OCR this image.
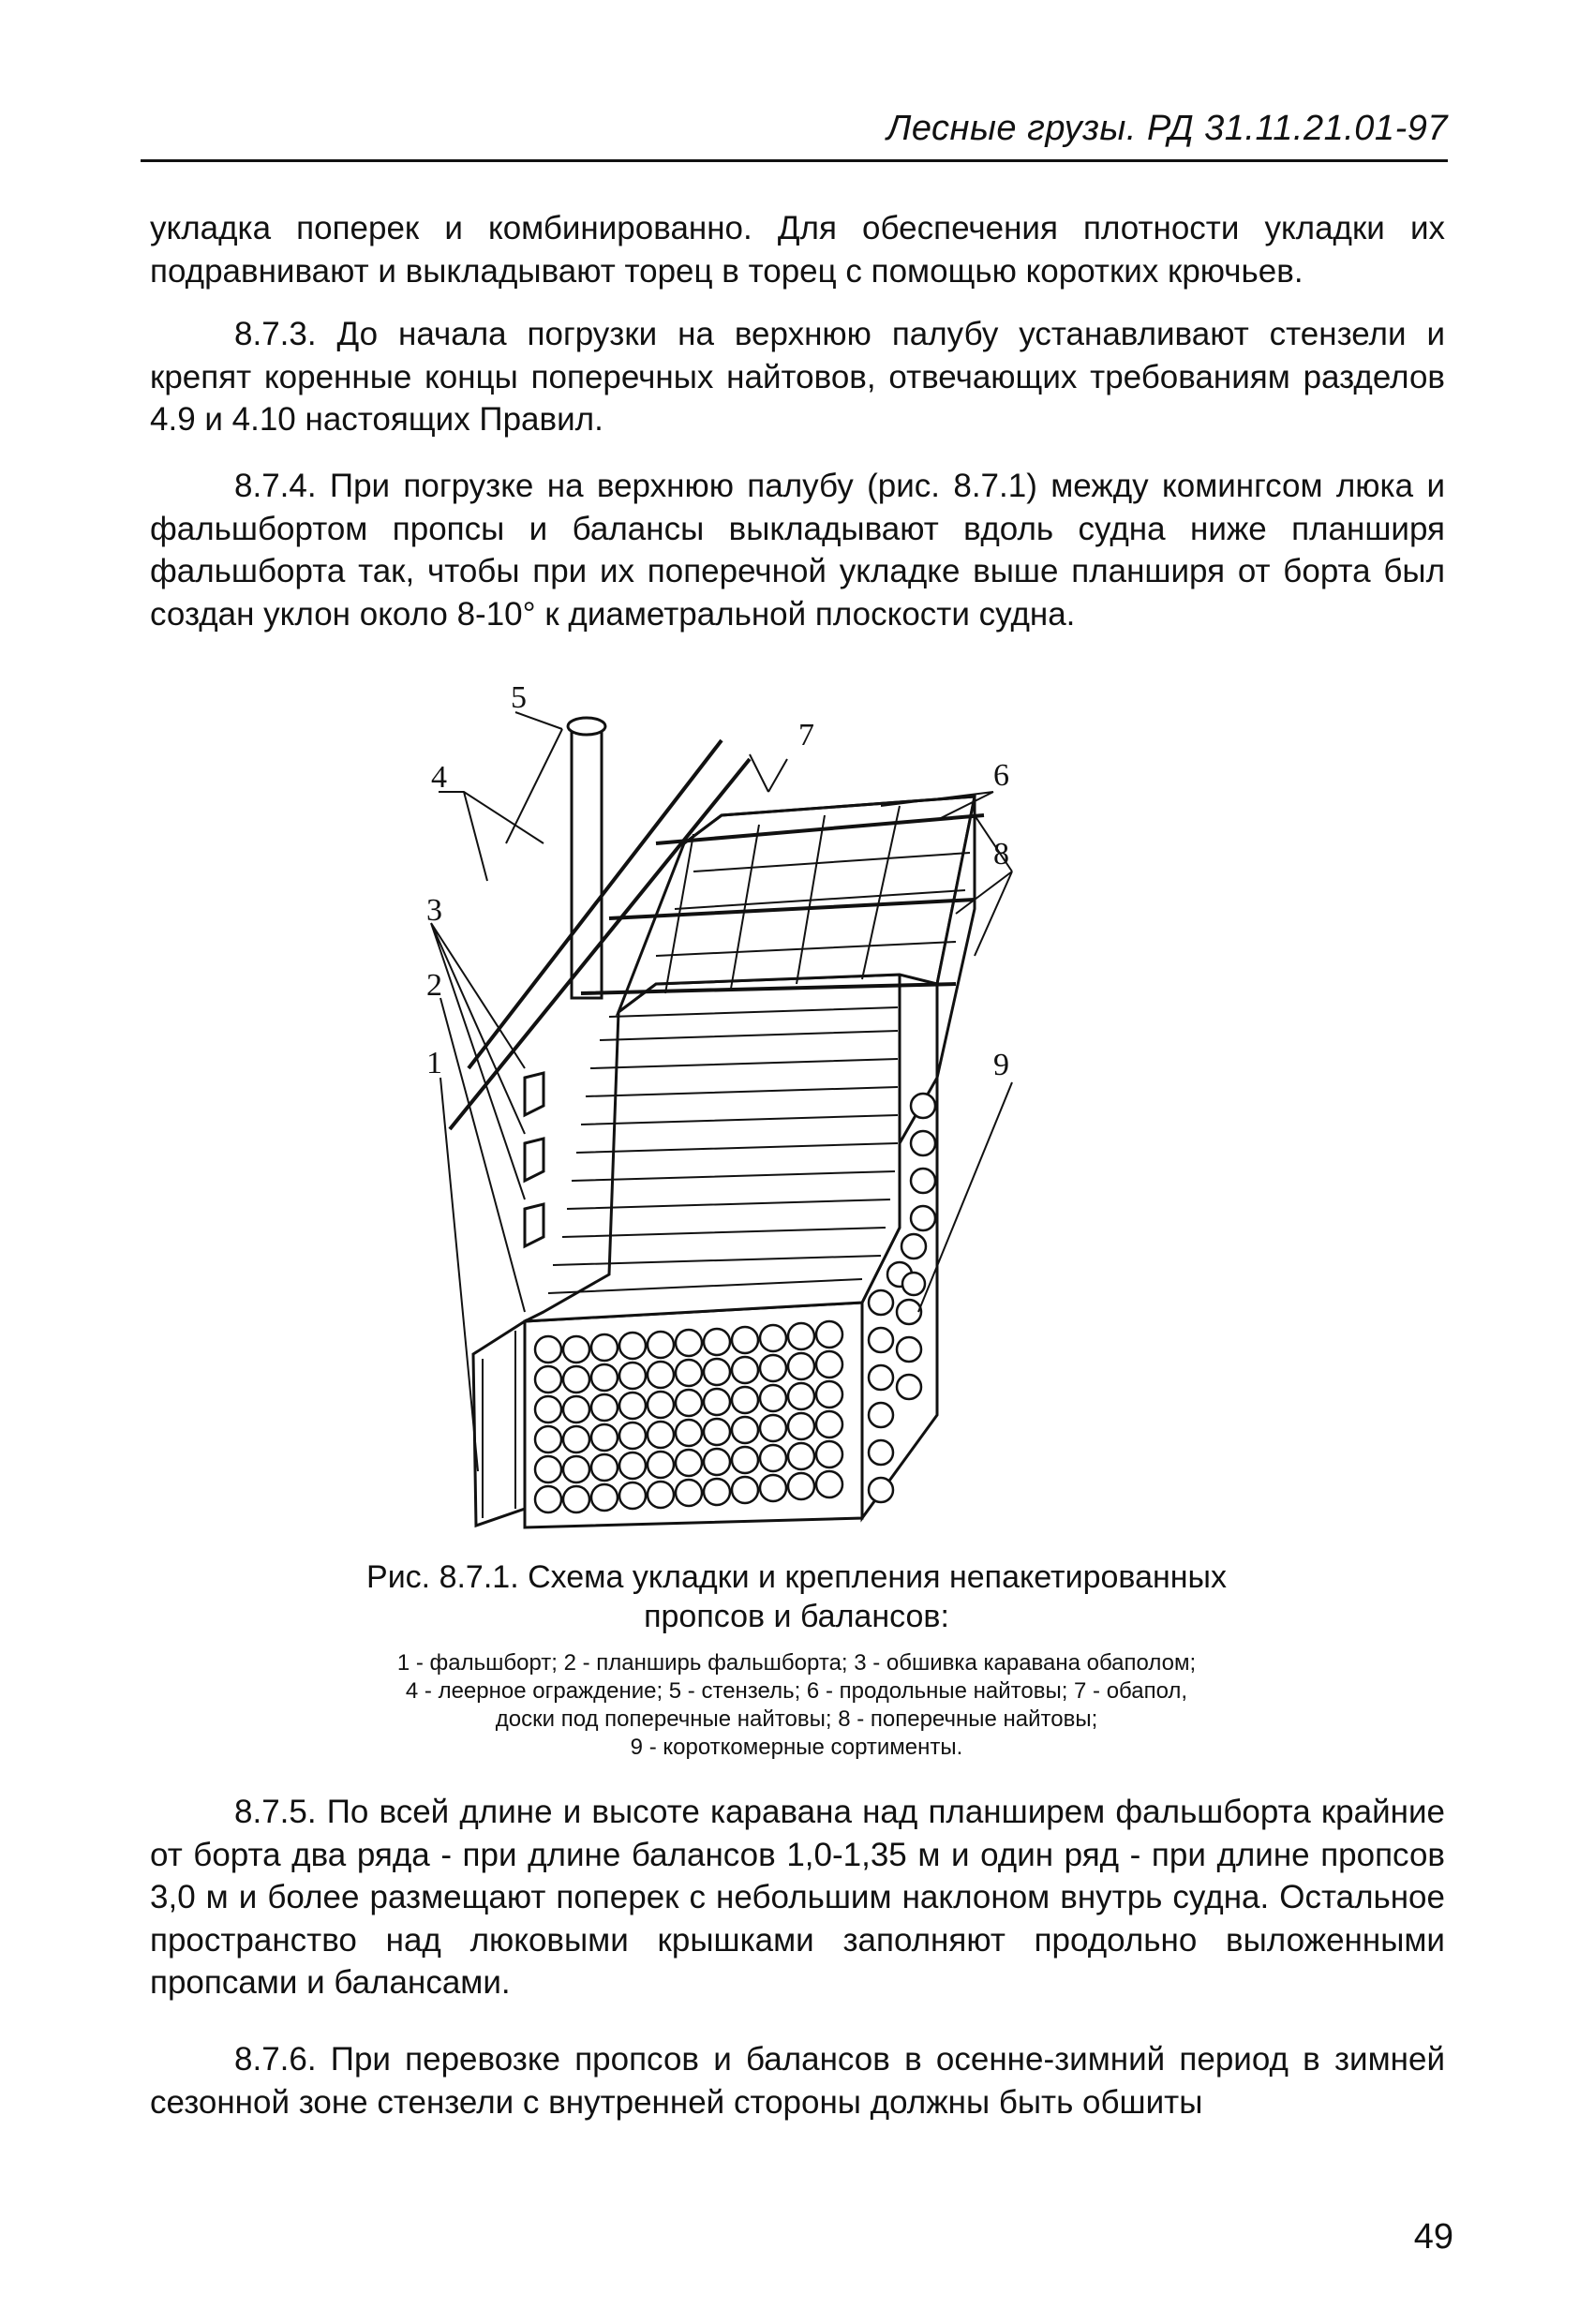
Лесные грузы. РД 31.11.21.01-97

укладка поперек и комбинированно. Для обеспечения плотности укладки их подравнивают и выкладывают торец в торец с помощью коротких крючьев.

8.7.3. До начала погрузки на верхнюю палубу устанавливают стензели и крепят коренные концы поперечных найтовов, отвечающих требованиям разделов 4.9 и 4.10 настоящих Правил.

8.7.4. При погрузке на верхнюю палубу (рис. 8.7.1) между комингсом люка и фальшбортом пропсы и балансы выкладывают вдоль судна ниже планширя фальшборта так, чтобы при их поперечной укладке выше планширя от борта был создан уклон около 8-10° к диаметральной плоскости судна.

5
4
3
2
1
7
6
8
9
Рис. 8.7.1. Схема укладки и крепления непакетированных
пропсов и балансов:
1 - фальшборт; 2 - планширь фальшборта; 3 - обшивка каравана обаполом;
4 - леерное ограждение; 5 - стензель; 6 - продольные найтовы; 7 - обапол,
доски под поперечные найтовы; 8 - поперечные найтовы;
9 - короткомерные сортименты.

8.7.5. По всей длине и высоте каравана над планширем фальшборта крайние от борта два ряда - при длине балансов 1,0-1,35 м и один ряд - при длине пропсов 3,0 м и более размещают поперек с небольшим наклоном внутрь судна. Остальное пространство над люковыми крышками заполняют продольно выложенными пропсами и балансами.

8.7.6. При перевозке пропсов и балансов в осенне-зимний период в зимней сезонной зоне стензели с внутренней стороны должны быть обшиты

49
